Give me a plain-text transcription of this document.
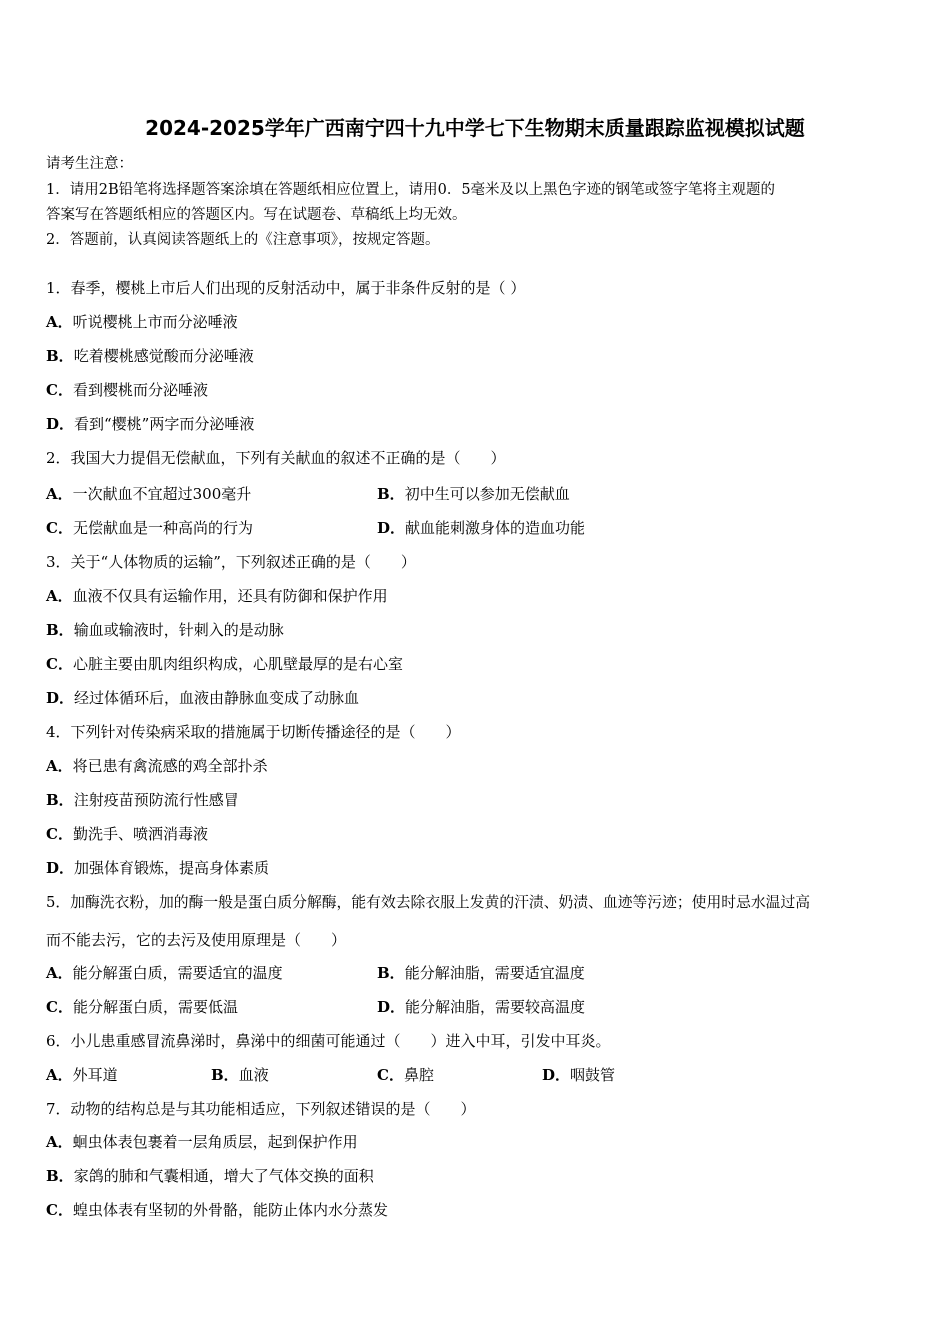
2024-2025学年广西南宁四十九中学七下生物期末质量跟踪监视模拟试题
请考生注意：
1．请用2B铅笔将选择题答案涂填在答题纸相应位置上，请用0．5毫米及以上黑色字迹的钢笔或签字笔将主观题的
答案写在答题纸相应的答题区内。写在试题卷、草稿纸上均无效。
2．答题前，认真阅读答题纸上的《注意事项》，按规定答题。
1．春季，樱桃上市后人们出现的反射活动中，属于非条件反射的是（ ）
A．听说樱桃上市而分泌唾液
B．吃着樱桃感觉酸而分泌唾液
C．看到樱桃而分泌唾液
D．看到“樱桃”两字而分泌唾液
2．我国大力提倡无偿献血，下列有关献血的叙述不正确的是（　　）
A．一次献血不宜超过300毫升	B．初中生可以参加无偿献血
C．无偿献血是一种高尚的行为	D．献血能刺激身体的造血功能
3．关于“人体物质的运输”，下列叙述正确的是（　　）
A．血液不仅具有运输作用，还具有防御和保护作用
B．输血或输液时，针刺入的是动脉
C．心脏主要由肌肉组织构成，心肌壁最厚的是右心室
D．经过体循环后，血液由静脉血变成了动脉血
4．下列针对传染病采取的措施属于切断传播途径的是（　　）
A．将已患有禽流感的鸡全部扑杀
B．注射疫苗预防流行性感冒
C．勤洗手、喷洒消毒液
D．加强体育锻炼，提高身体素质
5．加酶洗衣粉，加的酶一般是蛋白质分解酶，能有效去除衣服上发黄的汗渍、奶渍、血迹等污迹；使用时忌水温过高
而不能去污，它的去污及使用原理是（　　）
A．能分解蛋白质，需要适宜的温度	B．能分解油脂，需要适宜温度
C．能分解蛋白质，需要低温	D．能分解油脂，需要较高温度
6．小儿患重感冒流鼻涕时，鼻涕中的细菌可能通过（　　）进入中耳，引发中耳炎。
A．外耳道	B．血液	C．鼻腔	D．咽鼓管
7．动物的结构总是与其功能相适应，下列叙述错误的是（　　）
A．蛔虫体表包裹着一层角质层，起到保护作用
B．家鸽的肺和气囊相通，增大了气体交换的面积
C．蝗虫体表有坚韧的外骨骼，能防止体内水分蒸发
